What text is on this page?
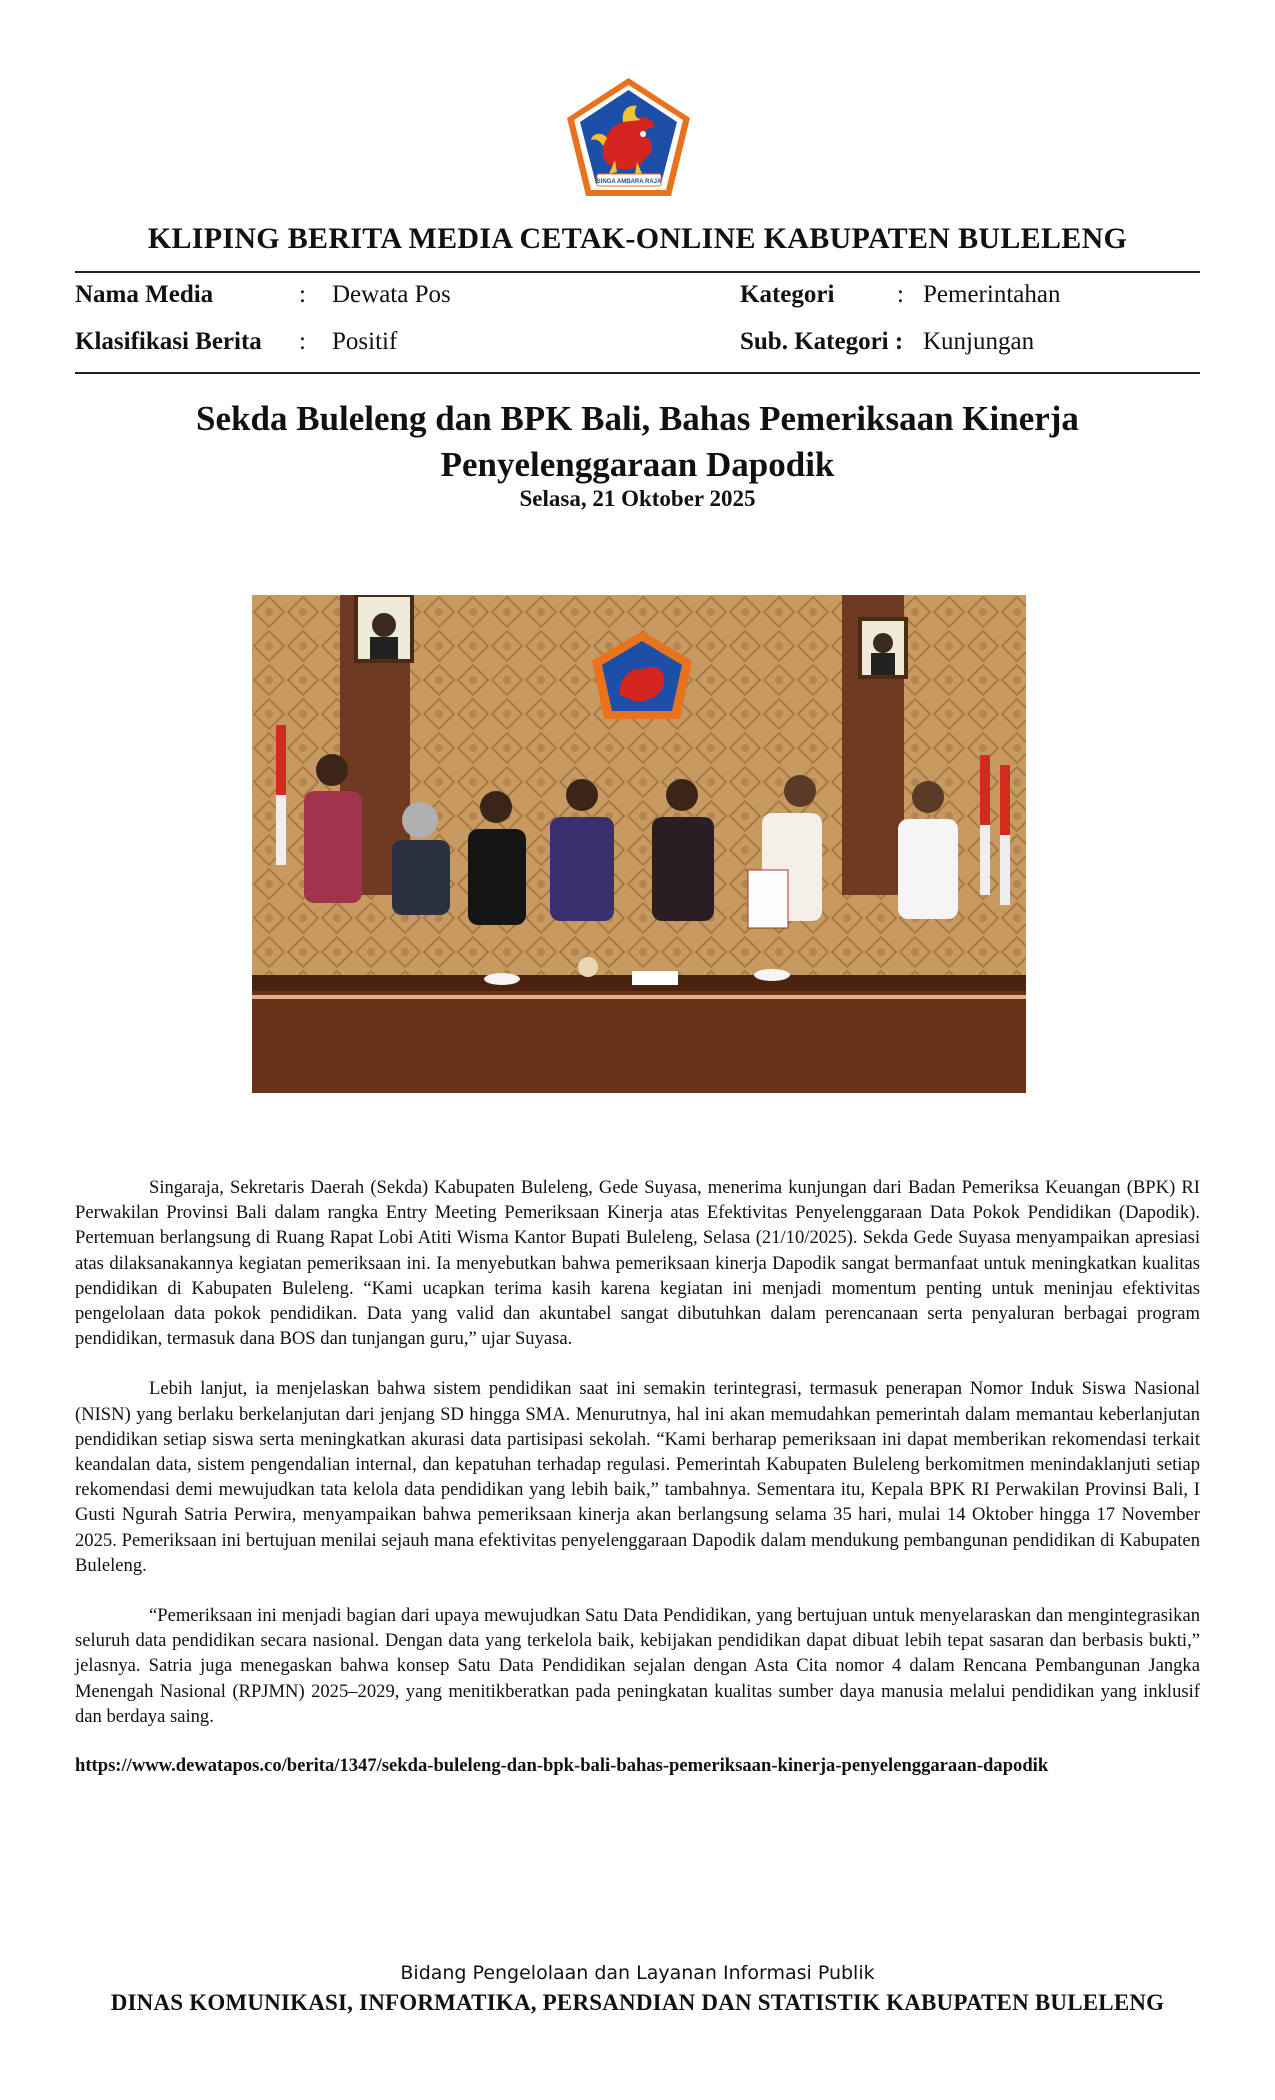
SINGA AMBARA RAJA
KLIPING BERITA MEDIA CETAK-ONLINE KABUPATEN BULELENG
Nama Media	: Dewata Pos
Klasifikasi Berita : Positif
Kategori	: Pemerintahan
Sub. Kategori : Kunjungan
Sekda Buleleng dan BPK Bali, Bahas Pemeriksaan Kinerja
Penyelenggaraan Dapodik
Selasa, 21 Oktober 2025

Singaraja, Sekretaris Daerah (Sekda) Kabupaten Buleleng, Gede Suyasa, menerima kunjungan dari Badan Pemeriksa Keuangan (BPK) RI Perwakilan Provinsi Bali dalam rangka Entry Meeting Pemeriksaan Kinerja atas Efektivitas Penyelenggaraan Data Pokok Pendidikan (Dapodik). Pertemuan berlangsung di Ruang Rapat Lobi Atiti Wisma Kantor Bupati Buleleng, Selasa (21/10/2025). Sekda Gede Suyasa menyampaikan apresiasi atas dilaksanakannya kegiatan pemeriksaan ini. Ia menyebutkan bahwa pemeriksaan kinerja Dapodik sangat bermanfaat untuk meningkatkan kualitas pendidikan di Kabupaten Buleleng. “Kami ucapkan terima kasih karena kegiatan ini menjadi momentum penting untuk meninjau efektivitas pengelolaan data pokok pendidikan. Data yang valid dan akuntabel sangat dibutuhkan dalam perencanaan serta penyaluran berbagai program pendidikan, termasuk dana BOS dan tunjangan guru,” ujar Suyasa.

Lebih lanjut, ia menjelaskan bahwa sistem pendidikan saat ini semakin terintegrasi, termasuk penerapan Nomor Induk Siswa Nasional (NISN) yang berlaku berkelanjutan dari jenjang SD hingga SMA. Menurutnya, hal ini akan memudahkan pemerintah dalam memantau keberlanjutan pendidikan setiap siswa serta meningkatkan akurasi data partisipasi sekolah. “Kami berharap pemeriksaan ini dapat memberikan rekomendasi terkait keandalan data, sistem pengendalian internal, dan kepatuhan terhadap regulasi. Pemerintah Kabupaten Buleleng berkomitmen menindaklanjuti setiap rekomendasi demi mewujudkan tata kelola data pendidikan yang lebih baik,” tambahnya. Sementara itu, Kepala BPK RI Perwakilan Provinsi Bali, I Gusti Ngurah Satria Perwira, menyampaikan bahwa pemeriksaan kinerja akan berlangsung selama 35 hari, mulai 14 Oktober hingga 17 November 2025. Pemeriksaan ini bertujuan menilai sejauh mana efektivitas penyelenggaraan Dapodik dalam mendukung pembangunan pendidikan di Kabupaten Buleleng.

“Pemeriksaan ini menjadi bagian dari upaya mewujudkan Satu Data Pendidikan, yang bertujuan untuk menyelaraskan dan mengintegrasikan seluruh data pendidikan secara nasional. Dengan data yang terkelola baik, kebijakan pendidikan dapat dibuat lebih tepat sasaran dan berbasis bukti,” jelasnya. Satria juga menegaskan bahwa konsep Satu Data Pendidikan sejalan dengan Asta Cita nomor 4 dalam Rencana Pembangunan Jangka Menengah Nasional (RPJMN) 2025–2029, yang menitikberatkan pada peningkatan kualitas sumber daya manusia melalui pendidikan yang inklusif dan berdaya saing.

https://www.dewatapos.co/berita/1347/sekda-buleleng-dan-bpk-bali-bahas-pemeriksaan-kinerja-penyelenggaraan-dapodik
Bidang Pengelolaan dan Layanan Informasi Publik
DINAS KOMUNIKASI, INFORMATIKA, PERSANDIAN DAN STATISTIK KABUPATEN BULELENG
